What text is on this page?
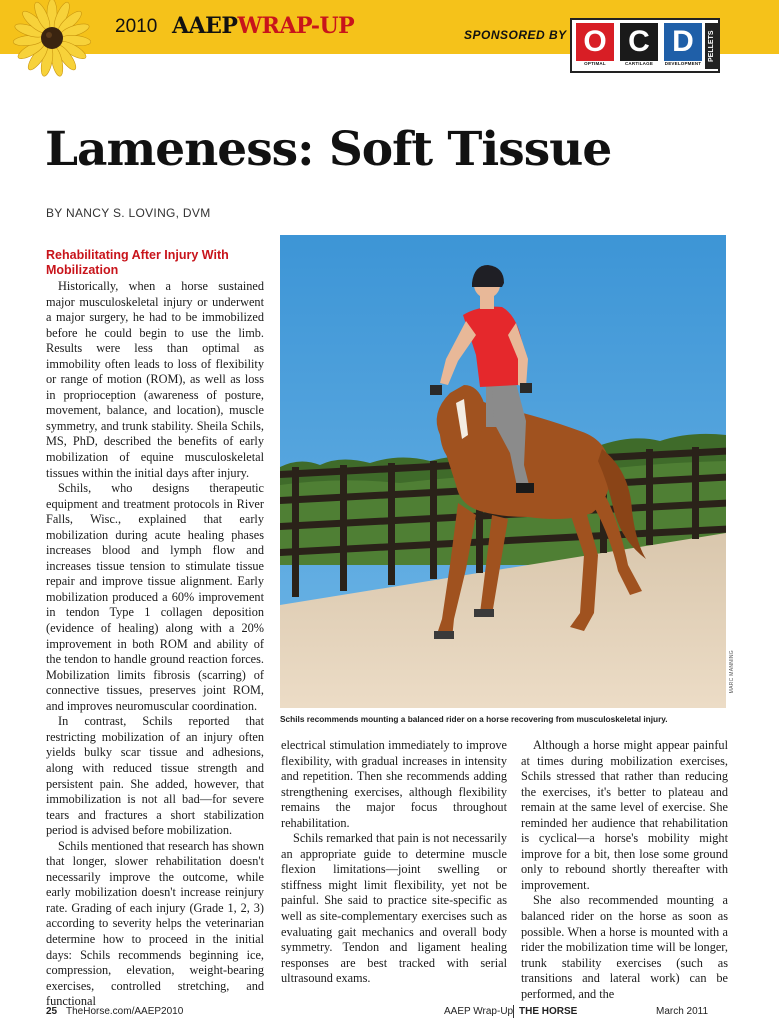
2010 AAEPWRAP-UP	SPONSORED BY O C D
OPTIMAL	CARTILAGE	DEVELOPMENT
PELLETS
Lameness: Soft Tissue
BY NANCY S. LOVING, DVM
MARC MANNING
Schils recommends mounting a balanced rider on a horse recovering from musculoskeletal injury.
Rehabilitating After Injury With Mobilization

Historically, when a horse sustained major musculoskeletal injury or underwent a major surgery, he had to be immobilized before he could begin to use the limb. Results were less than optimal as immobility often leads to loss of flexibility or range of motion (ROM), as well as loss in proprioception (awareness of posture, movement, balance, and location), muscle symmetry, and trunk stability. Sheila Schils, MS, PhD, described the benefits of early mobilization of equine musculoskeletal tissues within the initial days after injury.

Schils, who designs therapeutic equipment and treatment protocols in River Falls, Wisc., explained that early mobilization during acute healing phases increases blood and lymph flow and increases tissue tension to stimulate tissue repair and improve tissue alignment. Early mobilization produced a 60% improvement in tendon Type 1 collagen deposition (evidence of healing) along with a 20% improvement in both ROM and ability of the tendon to handle ground reaction forces. Mobilization limits fibrosis (scarring) of connective tissues, preserves joint ROM, and improves neuromuscular coordination.

In contrast, Schils reported that restricting mobilization of an injury often yields bulky scar tissue and adhesions, along with reduced tissue strength and persistent pain. She added, however, that immobilization is not all bad—for severe tears and fractures a short stabilization period is advised before mobilization.

Schils mentioned that research has shown that longer, slower rehabilitation doesn't necessarily improve the outcome, while early mobilization doesn't increase reinjury rate. Grading of each injury (Grade 1, 2, 3) according to severity helps the veterinarian determine how to proceed in the initial days: Schils recommends beginning ice, compression, elevation, weight-bearing exercises, controlled stretching, and functional

electrical stimulation immediately to improve flexibility, with gradual increases in intensity and repetition. Then she recommends adding strengthening exercises, although flexibility remains the major focus throughout rehabilitation.

Schils remarked that pain is not necessarily an appropriate guide to determine muscle flexion limitations—joint swelling or stiffness might limit flexibility, yet not be painful. She said to practice site-specific as well as site-complementary exercises such as evaluating gait mechanics and overall body symmetry. Tendon and ligament healing responses are best tracked with serial ultrasound exams.

Although a horse might appear painful at times during mobilization exercises, Schils stressed that rather than reducing the exercises, it's better to plateau and remain at the same level of exercise. She reminded her audience that rehabilitation is cyclical—a horse's mobility might improve for a bit, then lose some ground only to rebound shortly thereafter with improvement.

She also recommended mounting a balanced rider on the horse as soon as possible. When a horse is mounted with a rider the mobilization time will be longer, trunk stability exercises (such as transitions and lateral work) can be performed, and the

25 TheHorse.com/AAEP2010	AAEP Wrap-Up THE HORSE	March 2011
